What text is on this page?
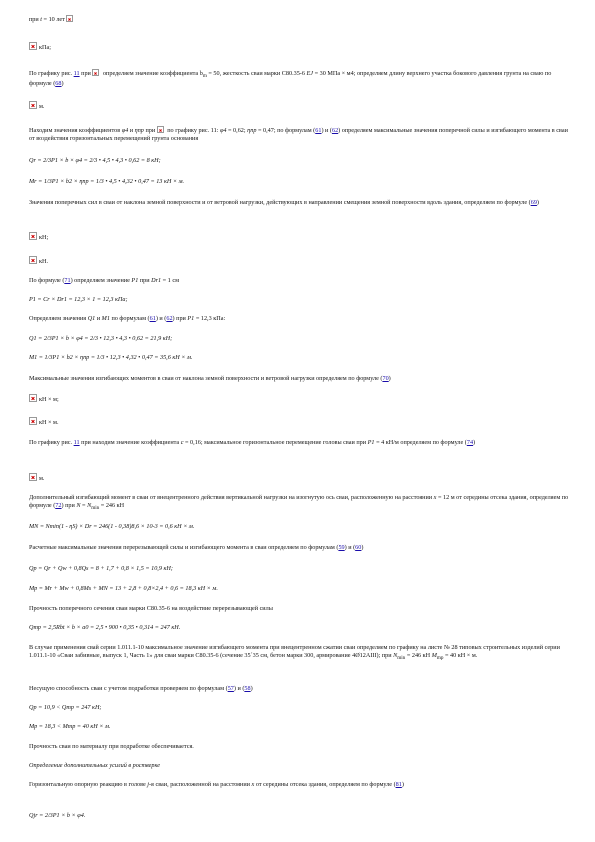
при t = 10 лет

кПа;

По графику рис. 11 при  определяем значение коэффициента $b_m = 50$, жесткость сваи марки С80.35-6 EJ = 30 МПа × м4; определяем длину верхнего участка бокового давления грунта на сваю по формуле (68)

м.

Находим значения коэффициентов φ4 и ηпр при  по графику рис. 11: φ4 = 0,62; ηпр = 0,47; по формулам (61) и (62) определяем максимальные значения поперечной силы и изгибающего момента в сваи от воздействия горизонтальных перемещений грунта основания

Qr = 2/3P1 × b × φ4 = 2/3 • 4,5 • 4,3 • 0,62 = 8 кН;

Mr = 1/3P1 × b2 × ηпр = 1/3 • 4,5 • 4,32 • 0,47 = 13 кН × м.

Значения поперечных сил в сваи от наклона земной поверхности и от ветровой нагрузки, действующих в направлении смещения земной поверхности вдоль здания, определяем по формуле (69)

кН;

кН.

По формуле (71) определяем значение P1 при Dr1 = 1 см

P1 = Cr × Dr1 = 12,3 × 1 = 12,3 кПа;

Определяем значения Q1 и M1 по формулам (61) и (62) при P1 = 12,3 кПа:

Q1 = 2/3P1 × b × φ4 = 2/3 • 12,3 • 4,3 • 0,62 = 21,9 кН;

M1 = 1/3P1 × b2 × ηпр = 1/3 • 12,3 • 4,32 • 0,47 = 35,6 кН × м.

Максимальные значения изгибающих моментов в сваи от наклона земной поверхности и ветровой нагрузки определяем по формуле (70)

кН × м;

кН × м.

По графику рис. 11 при находим значение коэффициента c = 0,16; максимальное горизонтальное перемещение головы сваи при P1 = 4 кН/м определяем по формуле (74)

м.

Дополнительный изгибающий момент в сваи от внецентренного действия вертикальной нагрузки на изогнутую ось сваи, расположенную на расстоянии x = 12 м от середины отсека здания, определяем по формуле (72) при $N = N_{min} = 246$ кН

MN = Nmin(1 - ηS) × Dr = 246(1 - 0,38)8,6 × 10-3 = 0,6 кН × м.

Расчетные максимальные значения перерезывающей силы и изгибающего момента в сваи определяем по формулам (59) и (60)

Qp = Qr + Qw + 0,8Qs = 8 + 1,7 + 0,8 × 1,5 = 10,9 кН;

Mp = Mr + Mw + 0,8Ms + MN = 13 + 2,8 + 0,8×2,4 + 0,6 = 18,3 кН × м.

Прочность поперечного сечения сваи марки С80.35-6 на воздействие перерезывающей силы

Qmp = 2,5Rbt × b × a0 = 2,5 • 900 • 0,35 • 0,314 = 247 кН.

В случае применения свай серии 1.011.1-10 максимальное значение изгибающего момента при внецентренном сжатии сваи определяем по графику на листе № 28 типовых строительных изделий серии 1.011.1-10 «Сваи забивные, выпуск 1, Часть 1» для сваи марки С80.35-6 (сечение 35´35 см, бетон марки 300, армирование 4Ø12АIII); при $N_{min} = 246$ кН $M_{mp} = 40$ кН × м.

Несущую способность сваи с учетом подработки проверяем по формулам (57) и (58)

Qp = 10,9 < Qmp = 247 кН;

Mp = 18,3 < Mmp = 40 кН × м.

Прочность сваи по материалу при подработке обеспечивается.

Определение дополнительных усилий в ростверке

Горизонтальную опорную реакцию в голове j-я сваи, расположенной на расстоянии x от середины отсека здания, определяем по формуле (81)

Qjr = 2/3P1 × b × φ4.
